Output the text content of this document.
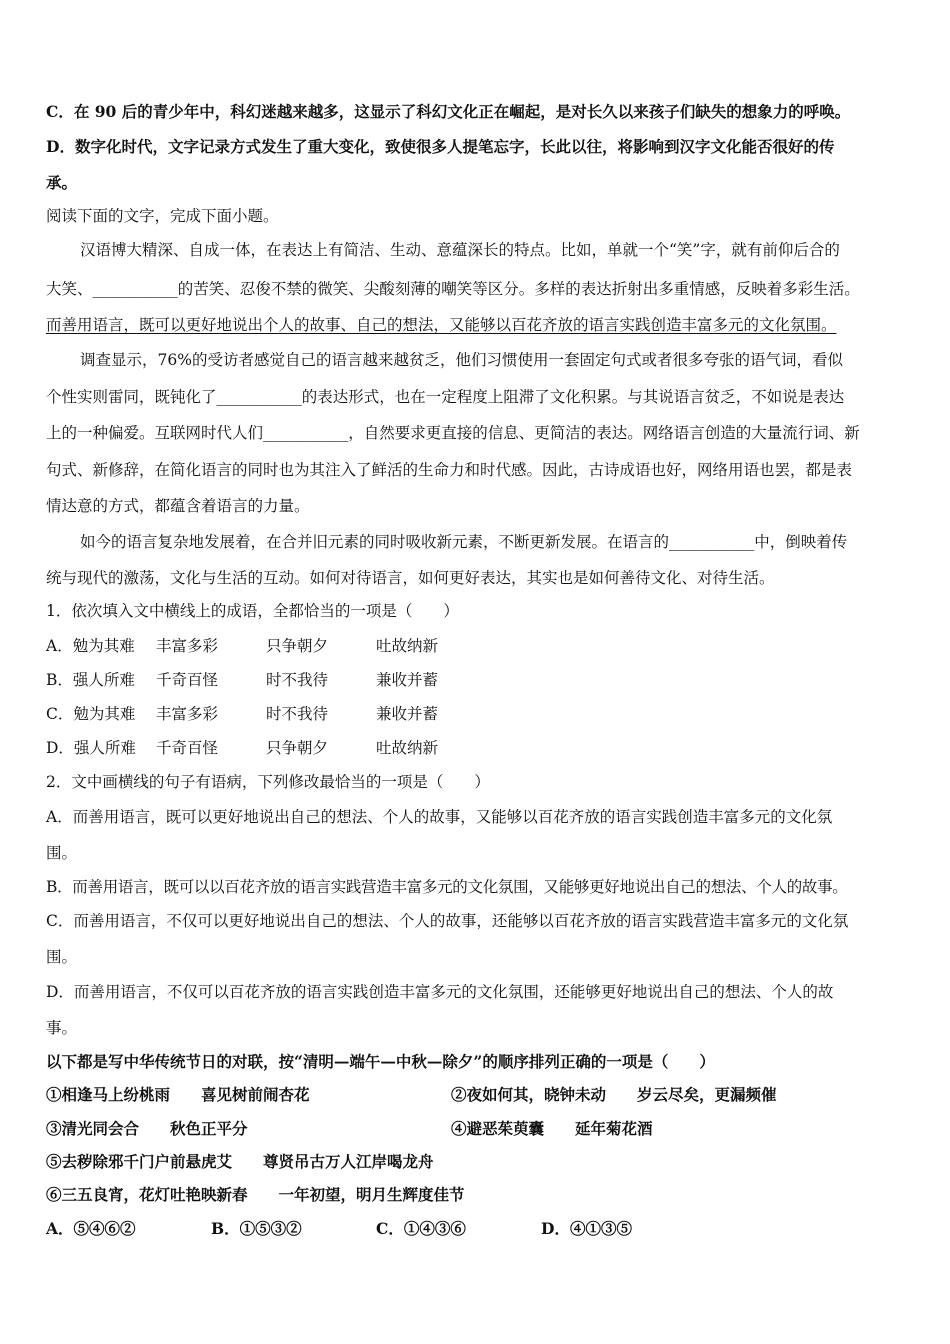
C．在 90 后的青少年中，科幻迷越来越多，这显示了科幻文化正在崛起，是对长久以来孩子们缺失的想象力的呼唤。
D．数字化时代，文字记录方式发生了重大变化，致使很多人提笔忘字，长此以往，将影响到汉字文化能否很好的传
承。
阅读下面的文字，完成下面小题。
汉语博大精深、自成一体，在表达上有简洁、生动、意蕴深长的特点。比如，单就一个“笑”字，就有前仰后合的
大笑、___________的苦笑、忍俊不禁的微笑、尖酸刻薄的嘲笑等区分。多样的表达折射出多重情感，反映着多彩生活。
而善用语言，既可以更好地说出个人的故事、自己的想法，又能够以百花齐放的语言实践创造丰富多元的文化氛围。
调查显示，76%的受访者感觉自己的语言越来越贫乏，他们习惯使用一套固定句式或者很多夸张的语气词，看似
个性实则雷同，既钝化了___________的表达形式，也在一定程度上阻滞了文化积累。与其说语言贫乏，不如说是表达
上的一种偏爱。互联网时代人们___________，自然要求更直接的信息、更简洁的表达。网络语言创造的大量流行词、新
句式、新修辞，在简化语言的同时也为其注入了鲜活的生命力和时代感。因此，古诗成语也好，网络用语也罢，都是表
情达意的方式，都蕴含着语言的力量。
如今的语言复杂地发展着，在合并旧元素的同时吸收新元素，不断更新发展。在语言的___________中，倒映着传
统与现代的激荡，文化与生活的互动。如何对待语言，如何更好表达，其实也是如何善待文化、对待生活。
1．依次填入文中横线上的成语，全都恰当的一项是（　　）
A．勉为其难 丰富多彩	只争朝夕	吐故纳新
B．强人所难 千奇百怪	时不我待	兼收并蓄
C．勉为其难 丰富多彩	时不我待	兼收并蓄
D．强人所难 千奇百怪	只争朝夕	吐故纳新
2．文中画横线的句子有语病，下列修改最恰当的一项是（　　）
A．而善用语言，既可以更好地说出自己的想法、个人的故事，又能够以百花齐放的语言实践创造丰富多元的文化氛
围。
B．而善用语言，既可以以百花齐放的语言实践营造丰富多元的文化氛围，又能够更好地说出自己的想法、个人的故事。
C．而善用语言，不仅可以更好地说出自己的想法、个人的故事，还能够以百花齐放的语言实践营造丰富多元的文化氛
围。
D．而善用语言，不仅可以百花齐放的语言实践创造丰富多元的文化氛围，还能够更好地说出自己的想法、个人的故
事。
以下都是写中华传统节日的对联，按“清明—端午—中秋—除夕”的顺序排列正确的一项是（　　）
①相逢马上纷桃雨　　喜见树前闹杏花	②夜如何其，晓钟未动　　岁云尽矣，更漏频催
③清光同会合　　秋色正平分	④避恶茱萸囊　　延年菊花酒
⑤去秽除邪千门户前悬虎艾　　尊贤吊古万人江岸喝龙舟
⑥三五良宵，花灯吐艳映新春　　一年初望，明月生辉度佳节
A．⑤④⑥②	B．①⑤③②	C．①④③⑥	D．④①③⑤
